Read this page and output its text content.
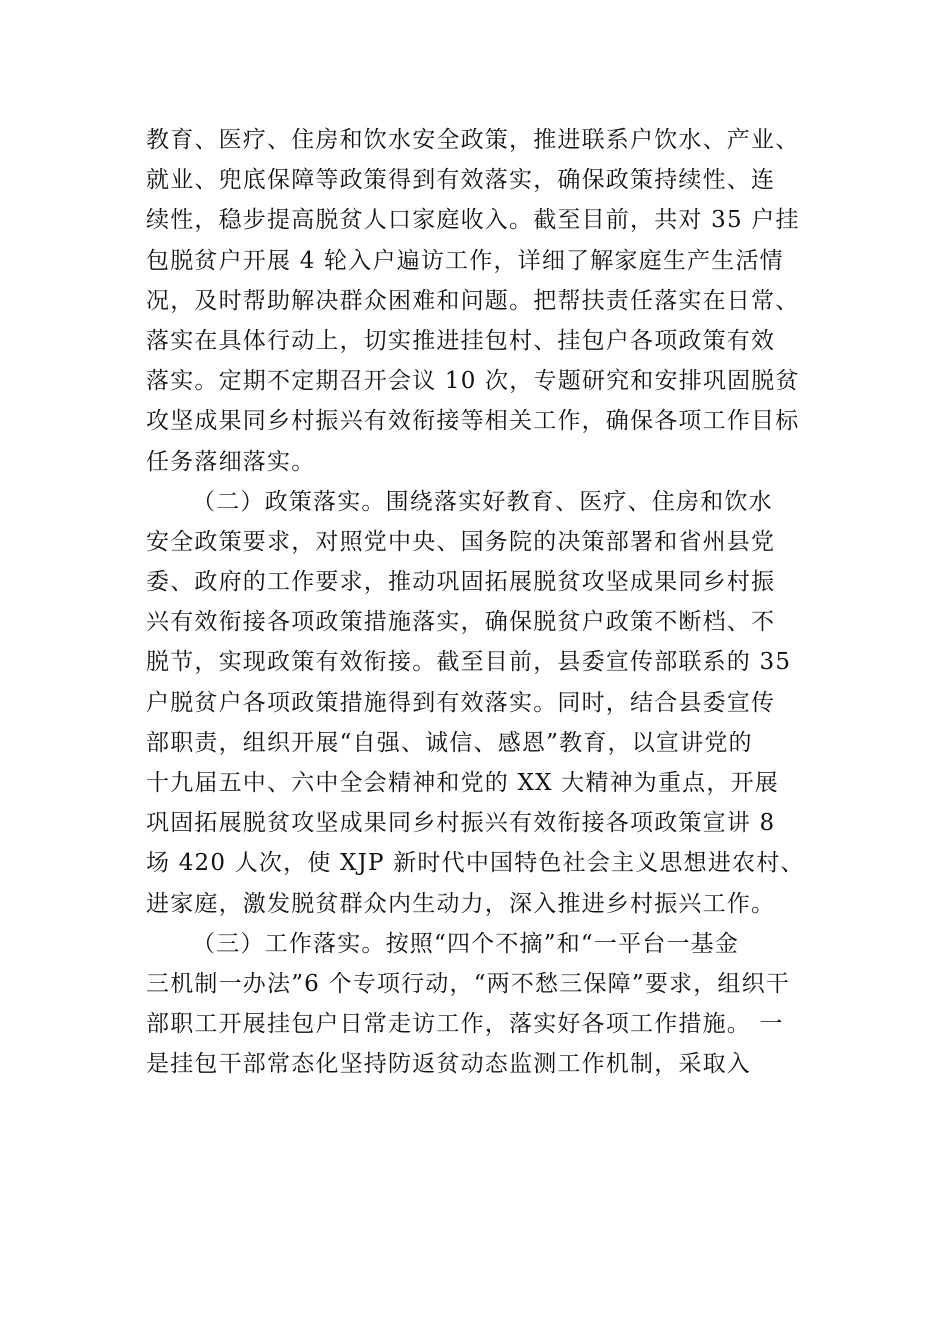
教育、医疗、住房和饮水安全政策，推进联系户饮水、产业、
就业、兜底保障等政策得到有效落实，确保政策持续性、连
续性，稳步提高脱贫人口家庭收入。截至目前，共对 35 户挂
包脱贫户开展 4 轮入户遍访工作，详细了解家庭生产生活情
况，及时帮助解决群众困难和问题。把帮扶责任落实在日常、
落实在具体行动上，切实推进挂包村、挂包户各项政策有效
落实。定期不定期召开会议 10 次，专题研究和安排巩固脱贫
攻坚成果同乡村振兴有效衔接等相关工作，确保各项工作目标
任务落细落实。
（二）政策落实。围绕落实好教育、医疗、住房和饮水
安全政策要求，对照党中央、国务院的决策部署和省州县党
委、政府的工作要求，推动巩固拓展脱贫攻坚成果同乡村振
兴有效衔接各项政策措施落实，确保脱贫户政策不断档、不
脱节，实现政策有效衔接。截至目前，县委宣传部联系的 35
户脱贫户各项政策措施得到有效落实。同时，结合县委宣传
部职责，组织开展“自强、诚信、感恩”教育，以宣讲党的
十九届五中、六中全会精神和党的 XX 大精神为重点，开展
巩固拓展脱贫攻坚成果同乡村振兴有效衔接各项政策宣讲 8
场 420 人次，使 XJP 新时代中国特色社会主义思想进农村、
进家庭，激发脱贫群众内生动力，深入推进乡村振兴工作。
（三）工作落实。按照“四个不摘”和“一平台一基金
三机制一办法”6 个专项行动，“两不愁三保障”要求，组织干
部职工开展挂包户日常走访工作，落实好各项工作措施。 一
是挂包干部常态化坚持防返贫动态监测工作机制，采取入
